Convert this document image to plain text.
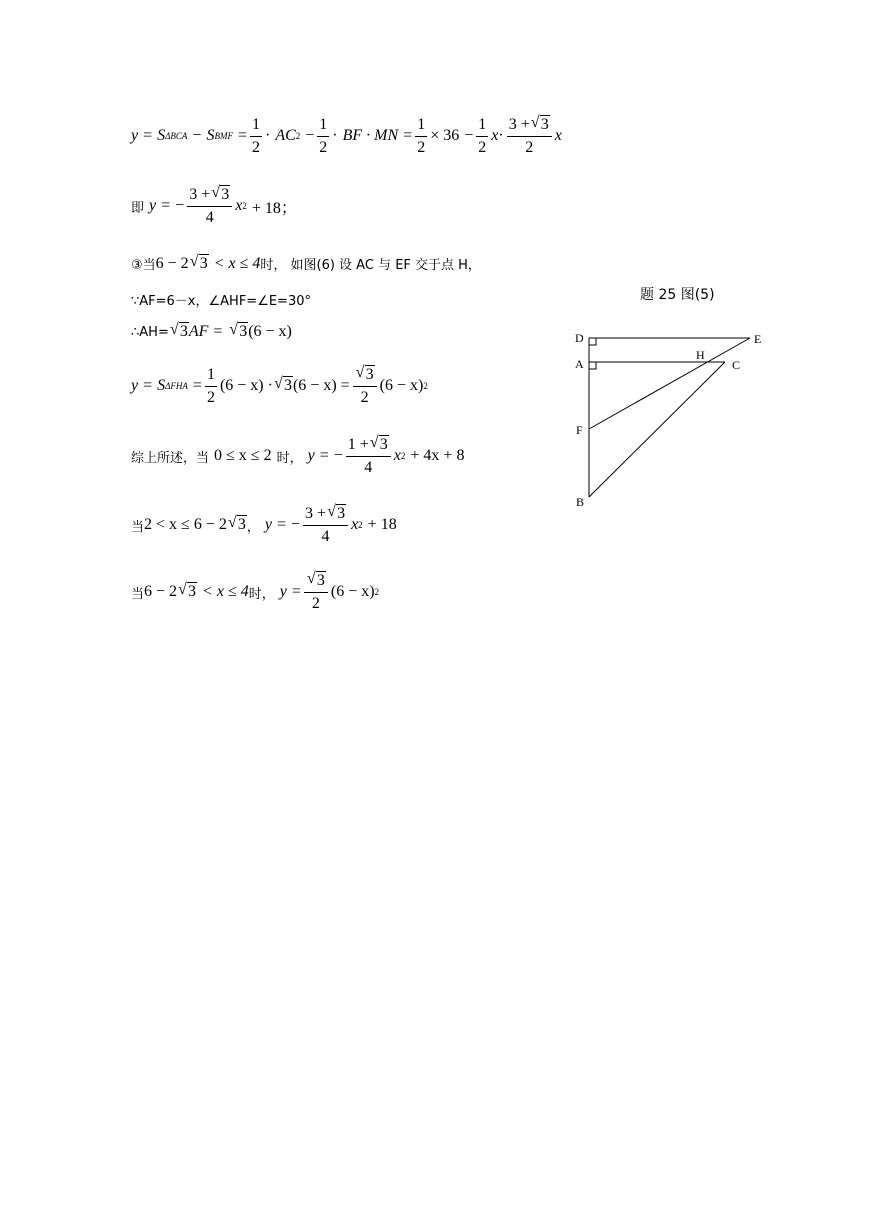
y = S ΔBCA − S BMF = $\frac{1}{2}$ · AC $2 - \frac{1}{2}$ · BF · MN = $\frac{1}{2} \times 36 - \frac{1}{2}$ $x \cdot \frac{3 + √ 3}{2}$ x
即 y = − $\frac{3 + √ 3}{4}$ x 2 + 18；
③当 6 − 2 √ 3 < x ≤ 4 时， 如图(6) 设 AC 与 EF 交于点 H，
∵AF=6－x，∠AHF=∠E=30°
∴AH= √ 3 AF =	√ 3 (6 − x)
y = S $\Delta FHA = \frac{1}{2} (6 - x)$ · √ 3 (6 − x) = √ $\frac{3}{2} (6 - x)$ 2
综上所述，当 0 ≤ x ≤ 2 时， y = − $\frac{1 + √ 3}{4}$ x 2 + 4x + 8
当 2 < x ≤ 6 − 2 √ 3 ， y = − $\frac{3 + √ 3}{4}$ x 2 + 18
当 6 − 2 √ 3 < x ≤ 4 时， y = √ $\frac{3}{2} (6 - x)$ 2
题 25 图(5)
D	E
A
H
C
F
B
